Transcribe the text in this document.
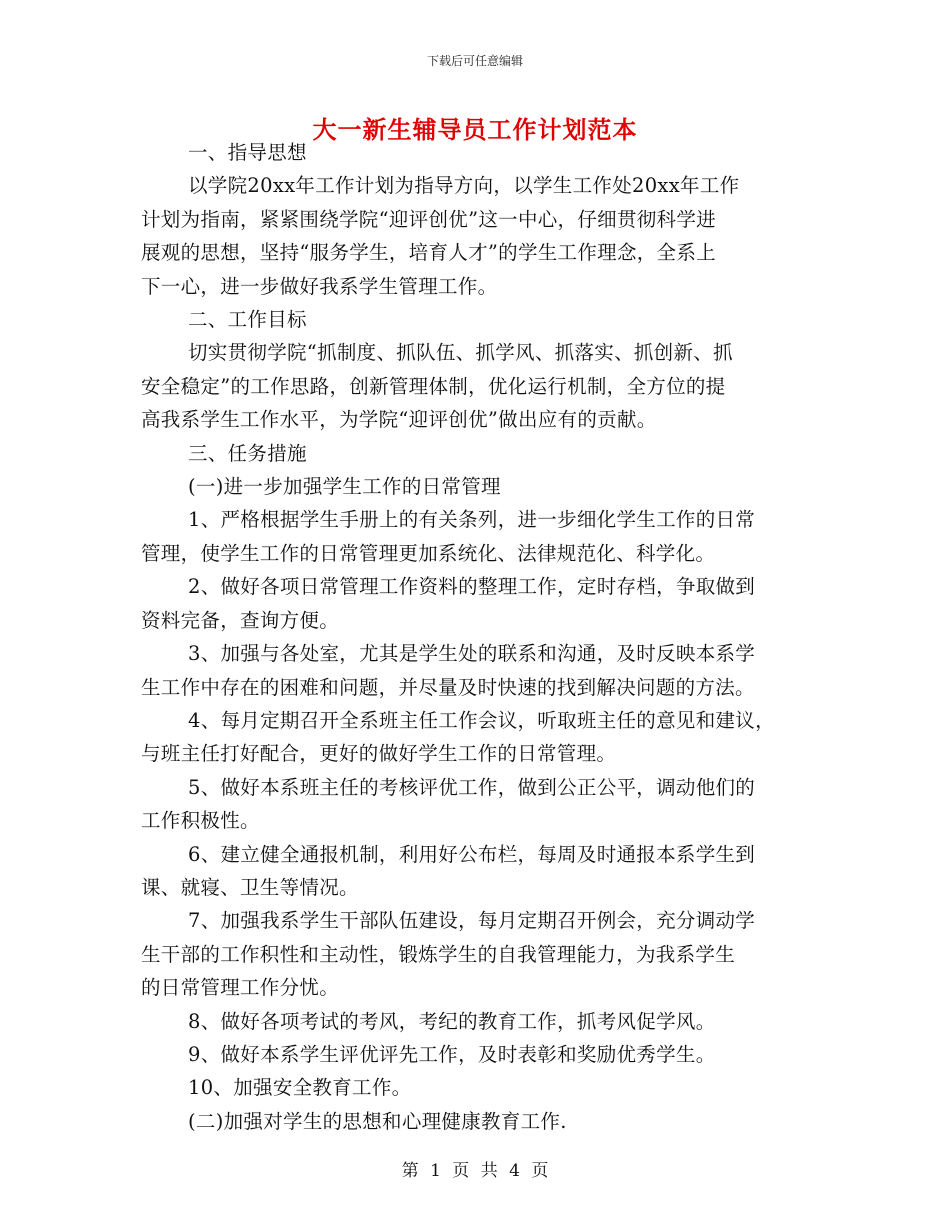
下载后可任意编辑
大一新生辅导员工作计划范本

一、指导思想

以学院20xx年工作计划为指导方向，以学生工作处20xx年工作

计划为指南，紧紧围绕学院“迎评创优”这一中心，仔细贯彻科学进

展观的思想，坚持“服务学生，培育人才”的学生工作理念，全系上

下一心，进一步做好我系学生管理工作。

二、工作目标

切实贯彻学院“抓制度、抓队伍、抓学风、抓落实、抓创新、抓

安全稳定”的工作思路，创新管理体制，优化运行机制，全方位的提

高我系学生工作水平，为学院“迎评创优”做出应有的贡献。

三、任务措施

(一)进一步加强学生工作的日常管理

1、严格根据学生手册上的有关条列，进一步细化学生工作的日常

管理，使学生工作的日常管理更加系统化、法律规范化、科学化。

2、做好各项日常管理工作资料的整理工作，定时存档，争取做到

资料完备，查询方便。

3、加强与各处室，尤其是学生处的联系和沟通，及时反映本系学

生工作中存在的困难和问题，并尽量及时快速的找到解决问题的方法。

4、每月定期召开全系班主任工作会议，听取班主任的意见和建议，

与班主任打好配合，更好的做好学生工作的日常管理。

5、做好本系班主任的考核评优工作，做到公正公平，调动他们的

工作积极性。

6、建立健全通报机制，利用好公布栏，每周及时通报本系学生到

课、就寝、卫生等情况。

7、加强我系学生干部队伍建设，每月定期召开例会，充分调动学

生干部的工作积性和主动性，锻炼学生的自我管理能力，为我系学生

的日常管理工作分忧。

8、做好各项考试的考风，考纪的教育工作，抓考风促学风。

9、做好本系学生评优评先工作，及时表彰和奖励优秀学生。

10、加强安全教育工作。

(二)加强对学生的思想和心理健康教育工作.

第 1 页 共 4 页
